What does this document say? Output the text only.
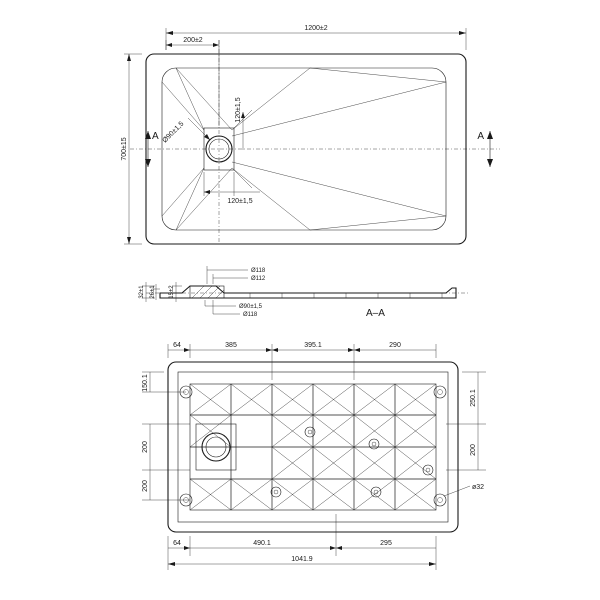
A	A
1200±2
200±2
700±15
Ø90±1,5
120±1,5
120±1,5
32±1 26±1 15±2
Ø118
Ø112
Ø90±1,5
Ø118	A–A
ø32
64	385	395.1	290
150.1
200
200
250.1
200
64	490.1	295
1041.9
